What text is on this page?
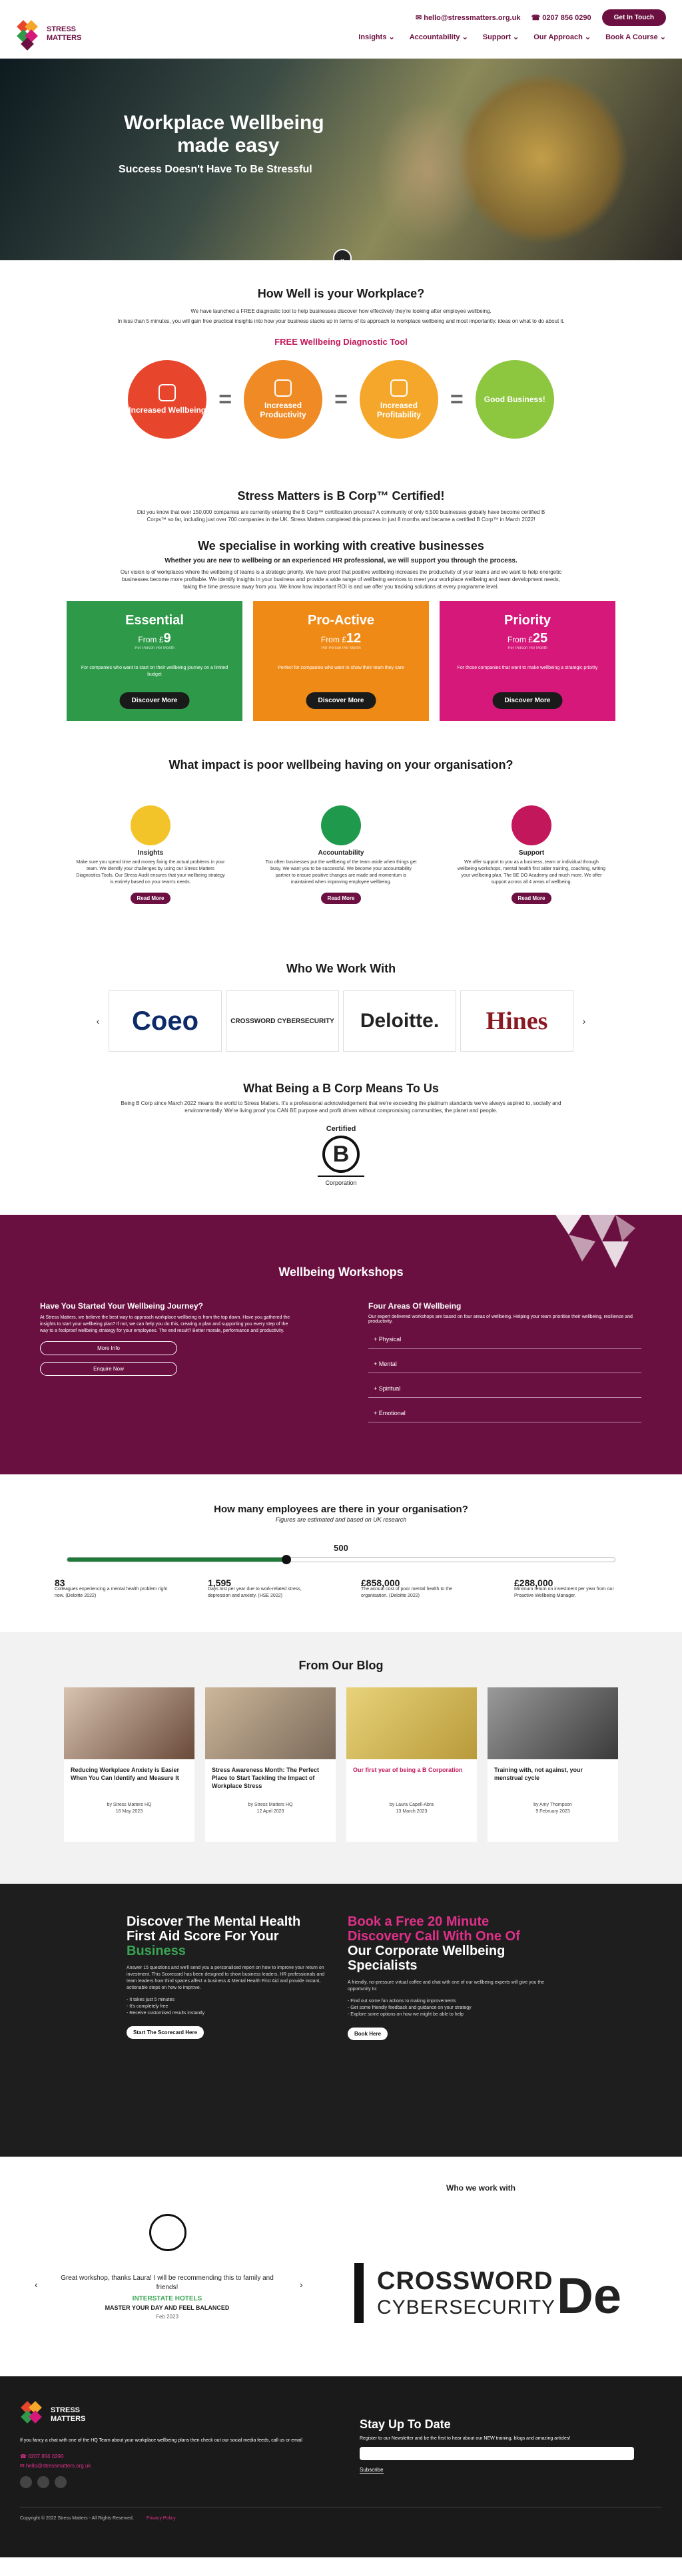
STRESS
MATTERS
✉ hello@stressmatters.org.uk ☎ 0207 856 0290	Get In Touch
Insights ⌄ Accountability ⌄ Support ⌄ Our Approach ⌄ Book A Course ⌄
Workplace Wellbeing
made easy
Success Doesn't Have To Be Stressful
⌄
How Well is your Workplace?
We have launched a FREE diagnostic tool to help businesses discover how effectively they're looking after employee wellbeing.
In less than 5 minutes, you will gain free practical insights into how your business stacks up in terms of its approach to workplace wellbeing and most importantly, ideas on what to do about it.
FREE Wellbeing Diagnostic Tool
Increased Wellbeing =	Increased Productivity
=	Increased Profitability
=	Good Business!
Stress Matters is B Corp™ Certified!
Did you know that over 150,000 companies are currently entering the B Corp™ certification process? A community of only 6,500 businesses globally have become certified B Corps™ so far, including just over 700 companies in the UK. Stress Matters completed this process in just 8 months and became a certified B Corp™ in March 2022!
We specialise in working with creative businesses
Whether you are new to wellbeing or an experienced HR professional, we will support you through the process.
Our vision is of workplaces where the wellbeing of teams is a strategic priority. We have proof that positive wellbeing increases the productivity of your teams and we want to help energetic businesses become more profitable. We identify insights in your business and provide a wide range of wellbeing services to meet your workplace wellbeing and team development needs, taking the time pressure away from you. We know how important ROI is and we offer you tracking solutions at every programme level.
Essential
From £9
Per Person Per Month

For companies who want to start on their wellbeing journey on a limited budget

Discover More
Pro-Active
From £12
Per Person Per Month

Perfect for companies who want to show their team they care

Discover More
Priority
From £25
Per Person Per Month

For those companies that want to make wellbeing a strategic priority

Discover More
What impact is poor wellbeing having on your organisation?
Insights

Make sure you spend time and money fixing the actual problems in your team. We identify your challenges by using our Stress Matters Diagnostics Tools. Our Stress Audit ensures that your wellbeing strategy is entirely based on your team's needs.

Read More
Accountability

Too often businesses put the wellbeing of the team aside when things get busy. We want you to be successful. We become your accountability partner to ensure positive changes are made and momentum is maintained when improving employee wellbeing.

Read More
Support

We offer support to you as a business, team or individual through wellbeing workshops, mental health first aider training, coaching, writing your wellbeing plan, The BE DO Academy and much more. We offer support across all 4 areas of wellbeing.

Read More
Who We Work With
‹	Coeo	CROSSWORD CYBERSECURITY	Deloitte.	Hines	›
What Being a B Corp Means To Us
Being B Corp since March 2022 means the world to Stress Matters. It's a professional acknowledgement that we're exceeding the platinum standards we've always aspired to, socially and environmentally. We're living proof you CAN BE purpose and profit driven without compromising communities, the planet and people.
Certified
B
Corporation
Wellbeing Workshops
Have You Started Your Wellbeing Journey?

At Stress Matters, we believe the best way to approach workplace wellbeing is from the top down. Have you gathered the insights to start your wellbeing plan? If not, we can help you do this, creating a plan and supporting you every step of the way to a foolproof wellbeing strategy for your employees. The end result? Better morale, performance and productivity.

More Info
Enquire Now
Four Areas Of Wellbeing

Our expert delivered workshops are based on four areas of wellbeing. Helping your team prioritise their wellbeing, resilience and productivity.

+ Physical
+ Mental
+ Spiritual
+ Emotional
How many employees are there in your organisation?
Figures are estimated and based on UK research
500
83
Colleagues experiencing a mental health problem right now. (Deloitte 2022)
1,595
Days lost per year due to work-related stress, depression and anxiety. (HSE 2022)
£858,000
The annual cost of poor mental health to the organisation. (Deloitte 2022)
£288,000
Minimum return on investment per year from our Proactive Wellbeing Manager.
From Our Blog
Reducing Workplace Anxiety is Easier When You Can Identify and Measure It
by Stress Matters HQ
16 May 2023
Stress Awareness Month: The Perfect Place to Start Tackling the Impact of Workplace Stress
by Stress Matters HQ
12 April 2023
Our first year of being a B Corporation
by Laura Capell-Abra
13 March 2023
Training with, not against, your menstrual cycle
by Amy Thompson
9 February 2023
Discover The Mental Health
First Aid Score For Your Business

Answer 15 questions and we'll send you a personalised report on how to improve your return on investment. This Scorecard has been designed to show business leaders, HR professionals and team leaders how third spaces affect a business & Mental Health First Aid and provide instant, actionable steps on how to improve.

- It takes just 5 minutes
- It's completely free
- Receive customised results instantly

Start The Scorecard Here
Book a Free 20 Minute
Discovery Call With One Of
Our Corporate Wellbeing
Specialists

A friendly, no-pressure virtual coffee and chat with one of our wellbeing experts will give you the opportunity to:

- Find out some fun actions to making improvements
- Get some friendly feedback and guidance on your strategy
- Explore some options on how we might be able to help

Book Here
Who we work with
‹	›
Great workshop, thanks Laura! I will be recommending this to family and friends!
INTERSTATE HOTELS
MASTER YOUR DAY AND FEEL BALANCED
Feb 2023
CROSSWORD
CYBERSECURITY De
STRESS
MATTERS
If you fancy a chat with one of the HQ Team about your workplace wellbeing plans then check out our social media feeds, call us or email
☎ 0207 856 0290
✉ hello@stressmatters.org.uk
Stay Up To Date
Register to our Newsletter and be the first to hear about our NEW training, blogs and amazing articles!
Subscribe
Copyright © 2022 Stress Matters - All Rights Reserved.	Privacy Policy
